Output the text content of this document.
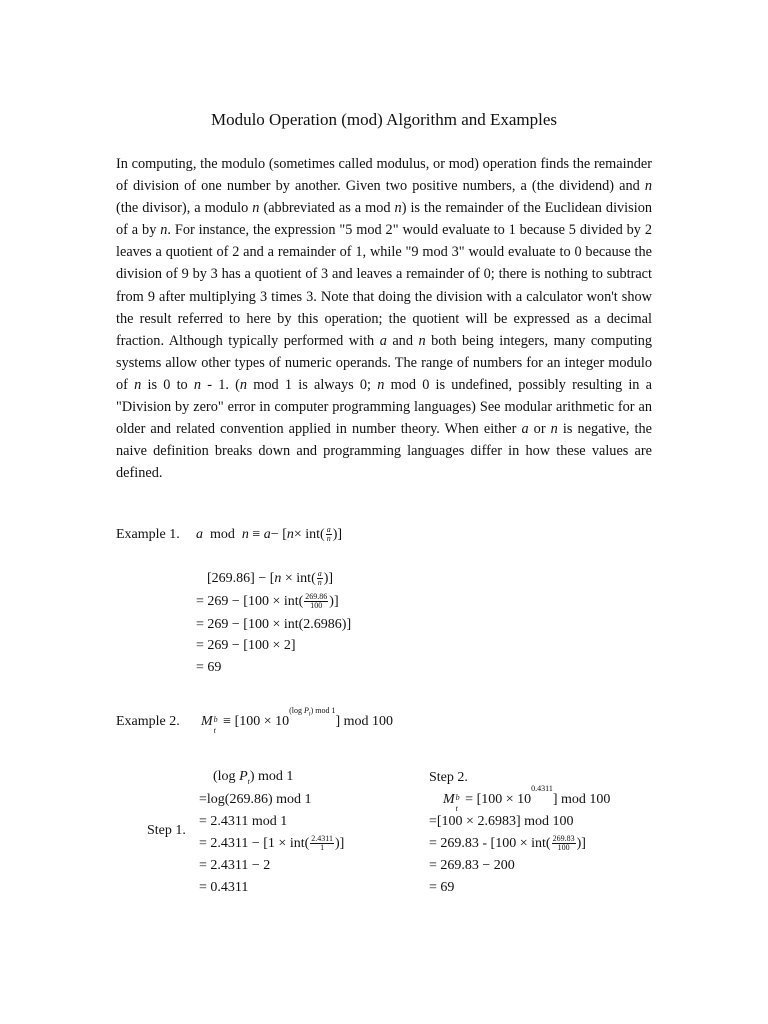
Modulo Operation (mod) Algorithm and Examples
In computing, the modulo (sometimes called modulus, or mod) operation finds the remainder of division of one number by another. Given two positive numbers, a (the dividend) and n (the divisor), a modulo n (abbreviated as a mod n) is the remainder of the Euclidean division of a by n. For instance, the expression "5 mod 2" would evaluate to 1 because 5 divided by 2 leaves a quotient of 2 and a remainder of 1, while "9 mod 3" would evaluate to 0 because the division of 9 by 3 has a quotient of 3 and leaves a remainder of 0; there is nothing to subtract from 9 after multiplying 3 times 3. Note that doing the division with a calculator won't show the result referred to here by this operation; the quotient will be expressed as a decimal fraction. Although typically performed with a and n both being integers, many computing systems allow other types of numeric operands. The range of numbers for an integer modulo of n is 0 to n - 1. (n mod 1 is always 0; n mod 0 is undefined, possibly resulting in a "Division by zero" error in computer programming languages) See modular arithmetic for an older and related convention applied in number theory. When either a or n is negative, the naive definition breaks down and programming languages differ in how these values are defined.
Example 1. a mod $n \equiv a- [n\times int( \frac{a}{n}$ )]
$[269.86] - [n \times int( \frac{a}{n}$ )]
= $269 - [100 \times int( \frac{269.86}{100}$ )]
= 269 − [100 × int(2.6986)]
= 269 − [100 × 2]
= 69
Example 2. M b
t
≡ $[100 \times 10^{(log P_t) mod 1}]$ mod 100
Step 1.
(log $P_t$) mod 1
=log(269.86) mod 1
= 2.4311 mod 1
= $2.4311 - [1 \times int( \frac{2.4311}{1}$ )]
= 2.4311 − 2
= 0.4311
Step 2.
M b
t
= $[100 \times 10^{0.4311}]$ mod 100
=[100 × 2.6983] mod 100
= $269.83 - [100 \times int( \frac{269.83}{100}$ )]
= 269.83 − 200
= 69
